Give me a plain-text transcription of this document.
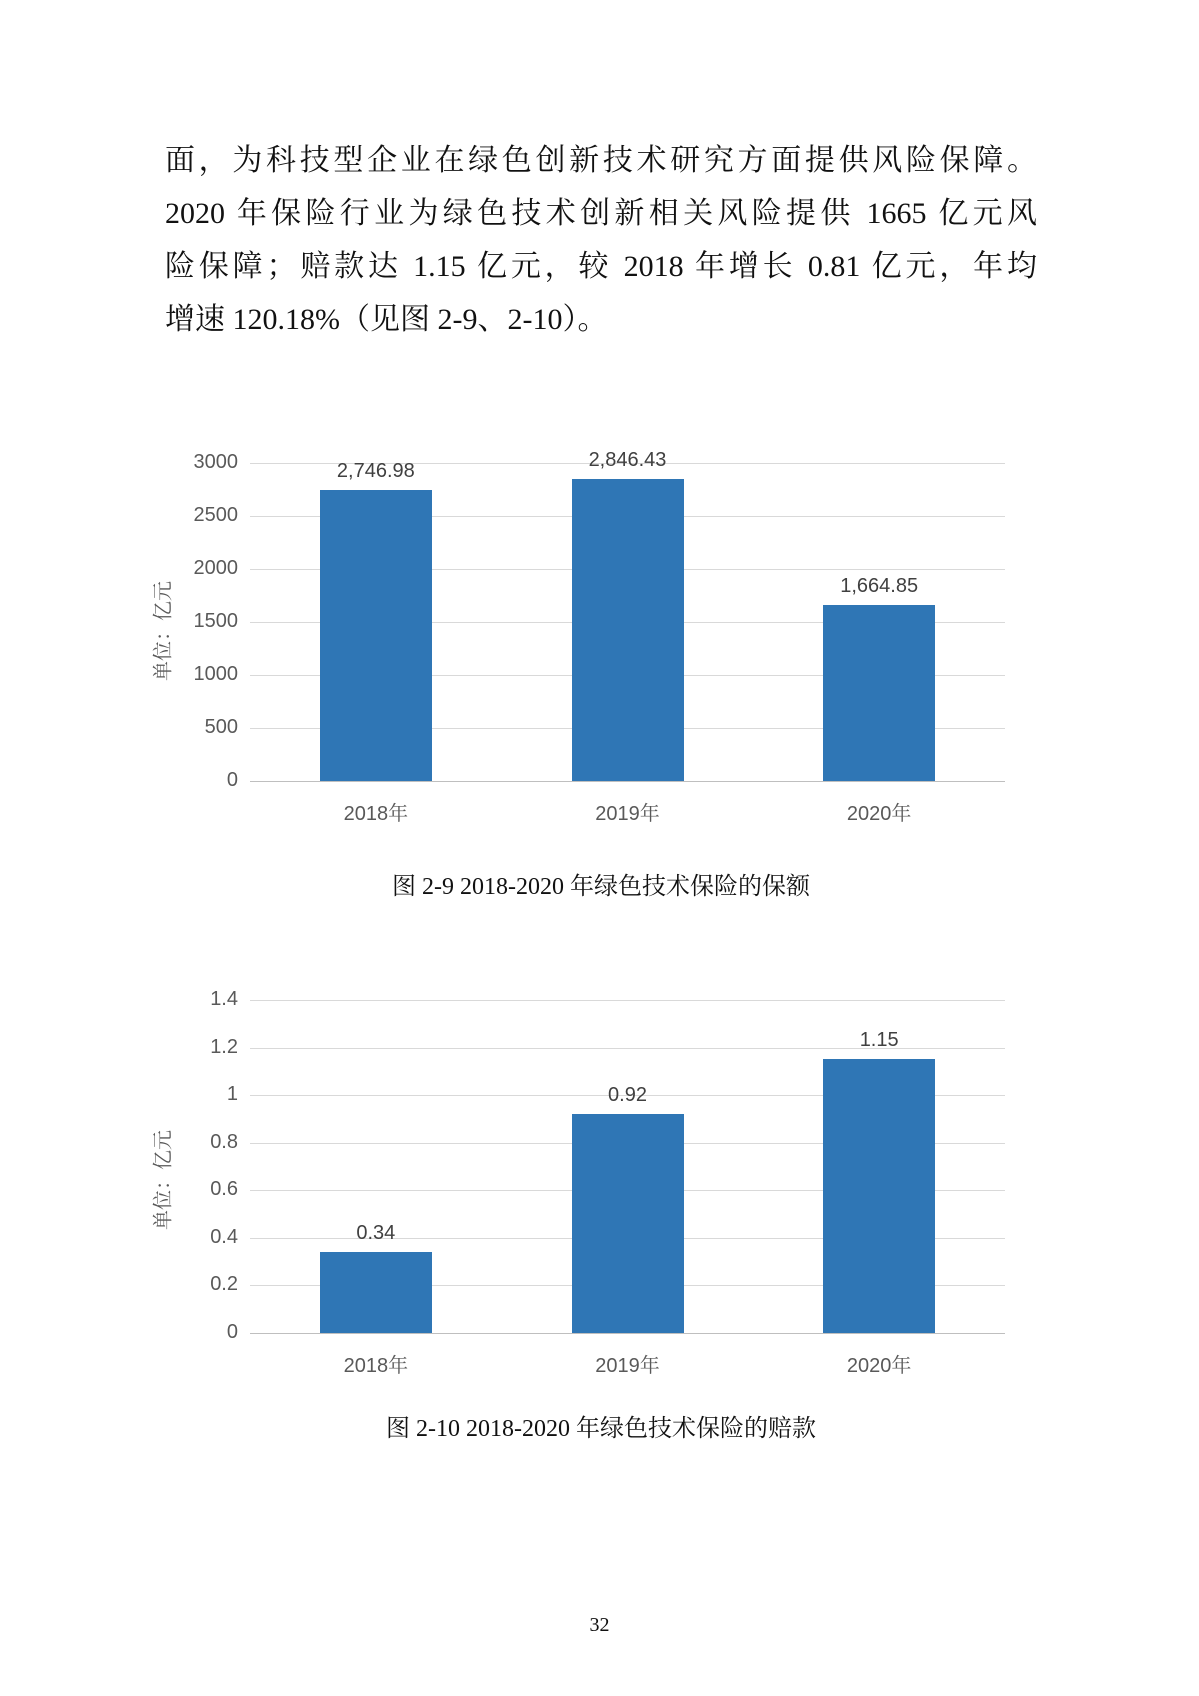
面，为科技型企业在绿色创新技术研究方面提供风险保障。
2020 年保险行业为绿色技术创新相关风险提供 1665 亿元风
险保障；赔款达 1.15 亿元，较 2018 年增长 0.81 亿元，年均
增速 120.18%（见图 2-9、2-10）。
单位：亿元
3000
2500
2000
1500
1000
500
0
2,746.98
2018年
2,846.43
2019年
1,664.85
2020年
图 2-9 2018-2020 年绿色技术保险的保额
单位：亿元
1.4
1.2
1
0.8
0.6
0.4
0.2
0
0.34
2018年
0.92
2019年
1.15
2020年
图 2-10 2018-2020 年绿色技术保险的赔款
32
